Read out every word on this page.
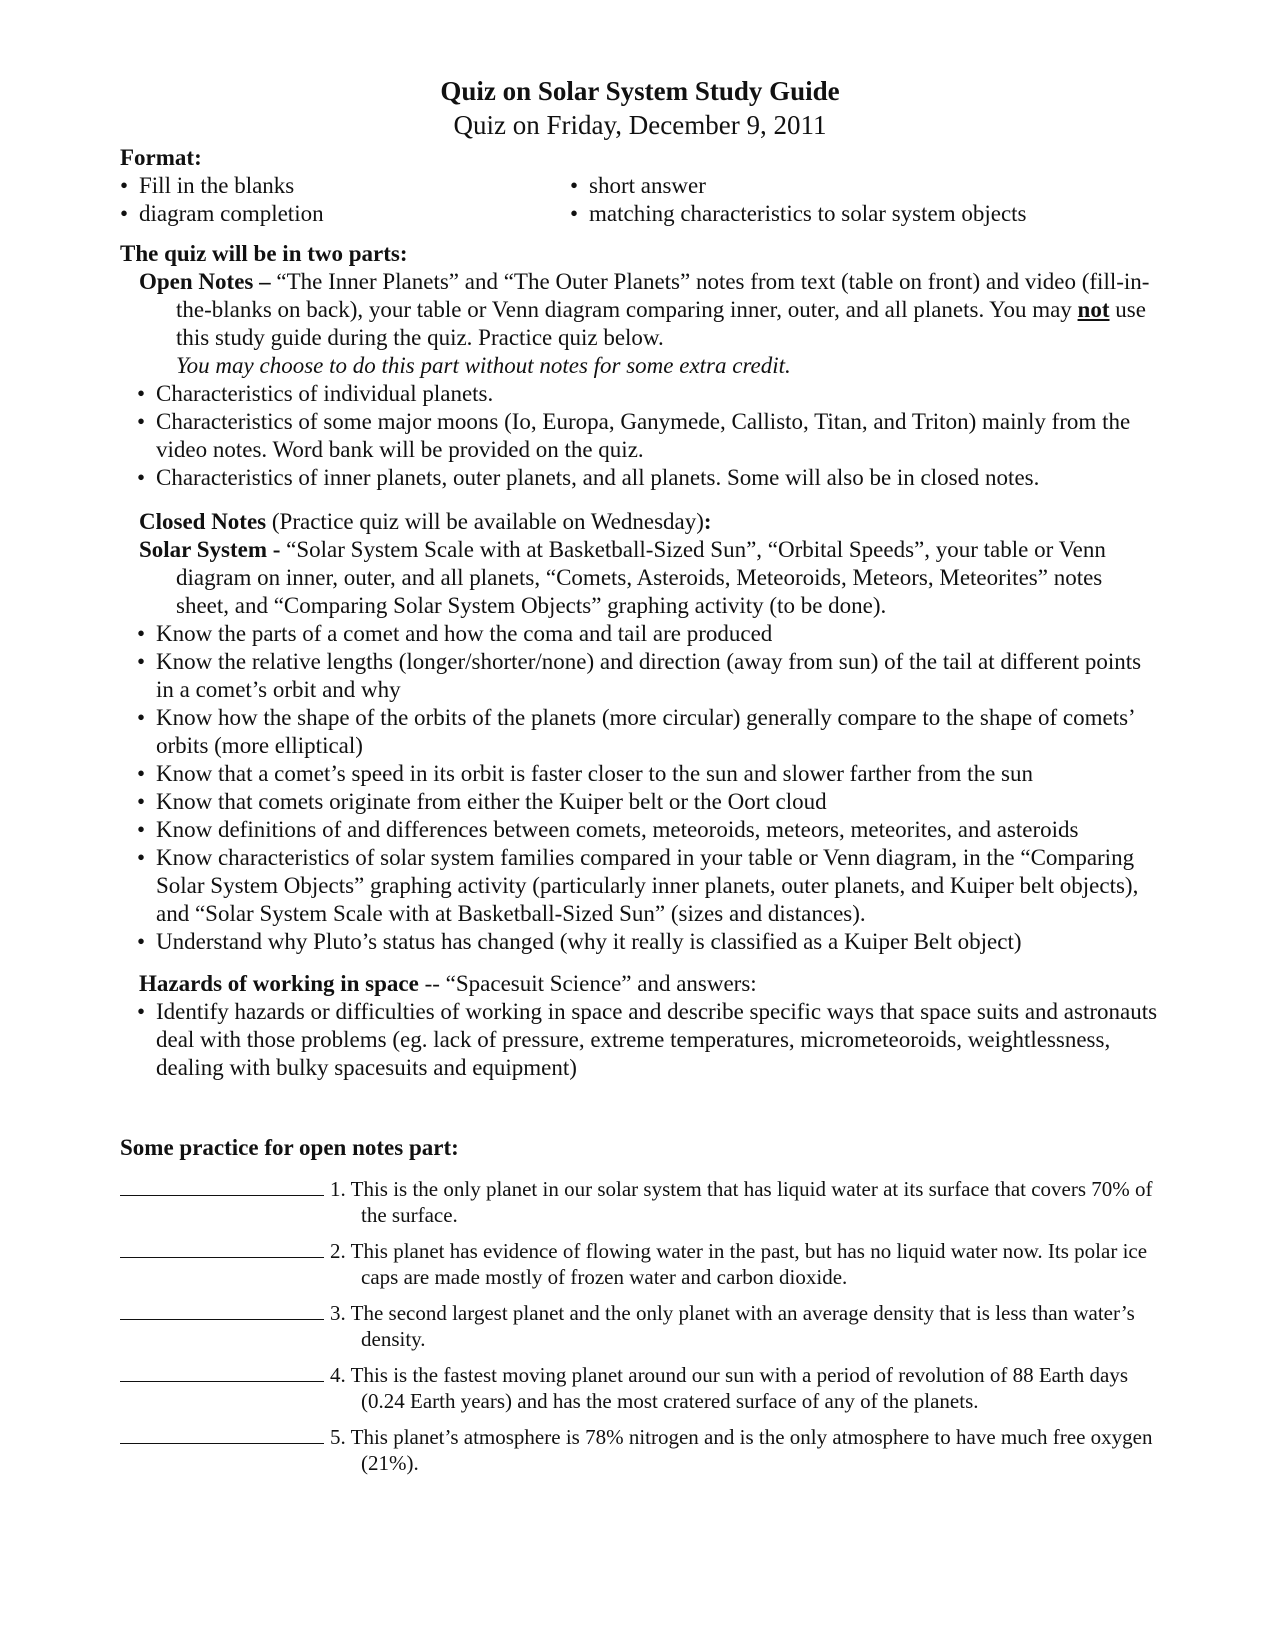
Quiz on Solar System Study Guide

Quiz on Friday, December 9, 2011

Format:

• Fill in the blanks	• short answer
• diagram completion	• matching characteristics to solar system objects

The quiz will be in two parts:

Open Notes – “The Inner Planets” and “The Outer Planets” notes from text (table on front) and video (fill-in-the-blanks on back), your table or Venn diagram comparing inner, outer, and all planets. You may not use this study guide during the quiz. Practice quiz below.

You may choose to do this part without notes for some extra credit.

• Characteristics of individual planets.
• Characteristics of some major moons (Io, Europa, Ganymede, Callisto, Titan, and Triton) mainly from the video notes. Word bank will be provided on the quiz.
• Characteristics of inner planets, outer planets, and all planets. Some will also be in closed notes.

Closed Notes (Practice quiz will be available on Wednesday):

Solar System - “Solar System Scale with at Basketball-Sized Sun”, “Orbital Speeds”, your table or Venn diagram on inner, outer, and all planets, “Comets, Asteroids, Meteoroids, Meteors, Meteorites” notes sheet, and “Comparing Solar System Objects” graphing activity (to be done).

• Know the parts of a comet and how the coma and tail are produced
• Know the relative lengths (longer/shorter/none) and direction (away from sun) of the tail at different points in a comet’s orbit and why
• Know how the shape of the orbits of the planets (more circular) generally compare to the shape of comets’ orbits (more elliptical)
• Know that a comet’s speed in its orbit is faster closer to the sun and slower farther from the sun
• Know that comets originate from either the Kuiper belt or the Oort cloud
• Know definitions of and differences between comets, meteoroids, meteors, meteorites, and asteroids
• Know characteristics of solar system families compared in your table or Venn diagram, in the “Comparing Solar System Objects” graphing activity (particularly inner planets, outer planets, and Kuiper belt objects), and “Solar System Scale with at Basketball-Sized Sun” (sizes and distances).
• Understand why Pluto’s status has changed (why it really is classified as a Kuiper Belt object)

Hazards of working in space -- “Spacesuit Science” and answers:

• Identify hazards or difficulties of working in space and describe specific ways that space suits and astronauts deal with those problems (eg. lack of pressure, extreme temperatures, micrometeoroids, weightlessness, dealing with bulky spacesuits and equipment)

Some practice for open notes part:

1. This is the only planet in our solar system that has liquid water at its surface that covers 70% of the surface.
2. This planet has evidence of flowing water in the past, but has no liquid water now. Its polar ice caps are made mostly of frozen water and carbon dioxide.
3. The second largest planet and the only planet with an average density that is less than water’s density.
4. This is the fastest moving planet around our sun with a period of revolution of 88 Earth days (0.24 Earth years) and has the most cratered surface of any of the planets.
5. This planet’s atmosphere is 78% nitrogen and is the only atmosphere to have much free oxygen (21%).
